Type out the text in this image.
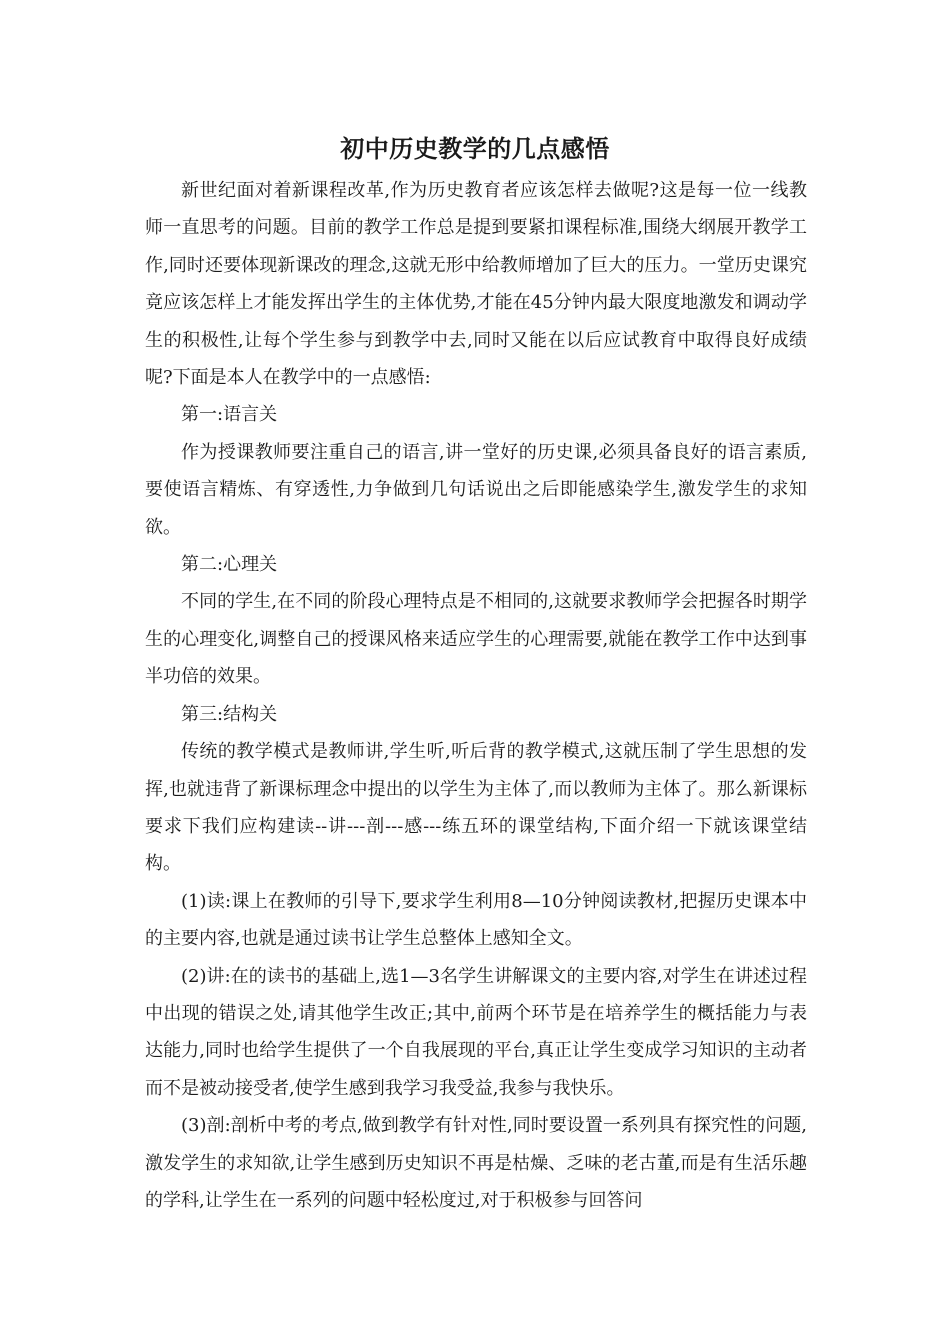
初中历史教学的几点感悟

新世纪面对着新课程改革,作为历史教育者应该怎样去做呢?这是每一位一线教师一直思考的问题。目前的教学工作总是提到要紧扣课程标准,围绕大纲展开教学工作,同时还要体现新课改的理念,这就无形中给教师增加了巨大的压力。一堂历史课究竟应该怎样上才能发挥出学生的主体优势,才能在45分钟内最大限度地激发和调动学生的积极性,让每个学生参与到教学中去,同时又能在以后应试教育中取得良好成绩呢?下面是本人在教学中的一点感悟:

第一:语言关

作为授课教师要注重自己的语言,讲一堂好的历史课,必须具备良好的语言素质,要使语言精炼、有穿透性,力争做到几句话说出之后即能感染学生,激发学生的求知欲。

第二:心理关

不同的学生,在不同的阶段心理特点是不相同的,这就要求教师学会把握各时期学生的心理变化,调整自己的授课风格来适应学生的心理需要,就能在教学工作中达到事半功倍的效果。

第三:结构关

传统的教学模式是教师讲,学生听,听后背的教学模式,这就压制了学生思想的发挥,也就违背了新课标理念中提出的以学生为主体了,而以教师为主体了。那么新课标要求下我们应构建读--讲---剖---感---练五环的课堂结构,下面介绍一下就该课堂结构。

(1)读:课上在教师的引导下,要求学生利用8—10分钟阅读教材,把握历史课本中的主要内容,也就是通过读书让学生总整体上感知全文。

(2)讲:在的读书的基础上,选1—3名学生讲解课文的主要内容,对学生在讲述过程中出现的错误之处,请其他学生改正;其中,前两个环节是在培养学生的概括能力与表达能力,同时也给学生提供了一个自我展现的平台,真正让学生变成学习知识的主动者而不是被动接受者,使学生感到我学习我受益,我参与我快乐。

(3)剖:剖析中考的考点,做到教学有针对性,同时要设置一系列具有探究性的问题,激发学生的求知欲,让学生感到历史知识不再是枯燥、乏味的老古董,而是有生活乐趣的学科,让学生在一系列的问题中轻松度过,对于积极参与回答问
